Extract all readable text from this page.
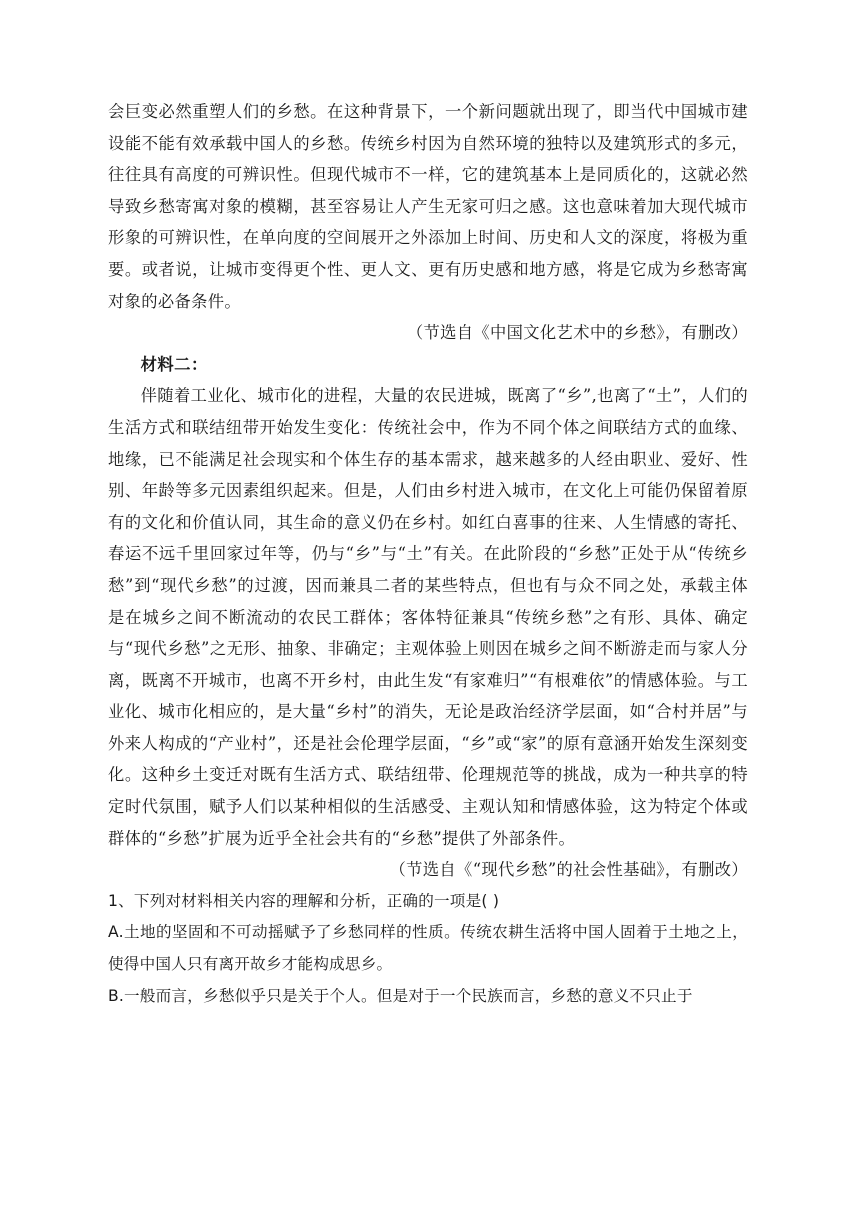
会巨变必然重塑人们的乡愁。在这种背景下，一个新问题就出现了，即当代中国城市建设能不能有效承载中国人的乡愁。传统乡村因为自然环境的独特以及建筑形式的多元，往往具有高度的可辨识性。但现代城市不一样，它的建筑基本上是同质化的，这就必然导致乡愁寄寓对象的模糊，甚至容易让人产生无家可归之感。这也意味着加大现代城市形象的可辨识性，在单向度的空间展开之外添加上时间、历史和人文的深度，将极为重要。或者说，让城市变得更个性、更人文、更有历史感和地方感，将是它成为乡愁寄寓对象的必备条件。

（节选自《中国文化艺术中的乡愁》，有删改）

材料二：

伴随着工业化、城市化的进程，大量的农民进城，既离了“乡”,也离了“土”，人们的生活方式和联结纽带开始发生变化：传统社会中，作为不同个体之间联结方式的血缘、地缘，已不能满足社会现实和个体生存的基本需求，越来越多的人经由职业、爱好、性别、年龄等多元因素组织起来。但是，人们由乡村进入城市，在文化上可能仍保留着原有的文化和价值认同，其生命的意义仍在乡村。如红白喜事的往来、人生情感的寄托、春运不远千里回家过年等，仍与“乡”与“土”有关。在此阶段的“乡愁”正处于从“传统乡愁”到“现代乡愁”的过渡，因而兼具二者的某些特点，但也有与众不同之处，承载主体是在城乡之间不断流动的农民工群体；客体特征兼具“传统乡愁”之有形、具体、确定与“现代乡愁”之无形、抽象、非确定；主观体验上则因在城乡之间不断游走而与家人分离，既离不开城市，也离不开乡村，由此生发“有家难归”“有根难依”的情感体验。与工业化、城市化相应的，是大量“乡村”的消失，无论是政治经济学层面，如“合村并居”与外来人构成的“产业村”，还是社会伦理学层面，“乡”或“家”的原有意涵开始发生深刻变化。这种乡土变迁对既有生活方式、联结纽带、伦理规范等的挑战，成为一种共享的特定时代氛围，赋予人们以某种相似的生活感受、主观认知和情感体验，这为特定个体或群体的“乡愁”扩展为近乎全社会共有的“乡愁”提供了外部条件。

（节选自《“现代乡愁”的社会性基础》，有删改）

1、下列对材料相关内容的理解和分析，正确的一项是( )

A.土地的坚固和不可动摇赋予了乡愁同样的性质。传统农耕生活将中国人固着于土地之上，使得中国人只有离开故乡才能构成思乡。

B.一般而言，乡愁似乎只是关于个人。但是对于一个民族而言，乡愁的意义不只止于
